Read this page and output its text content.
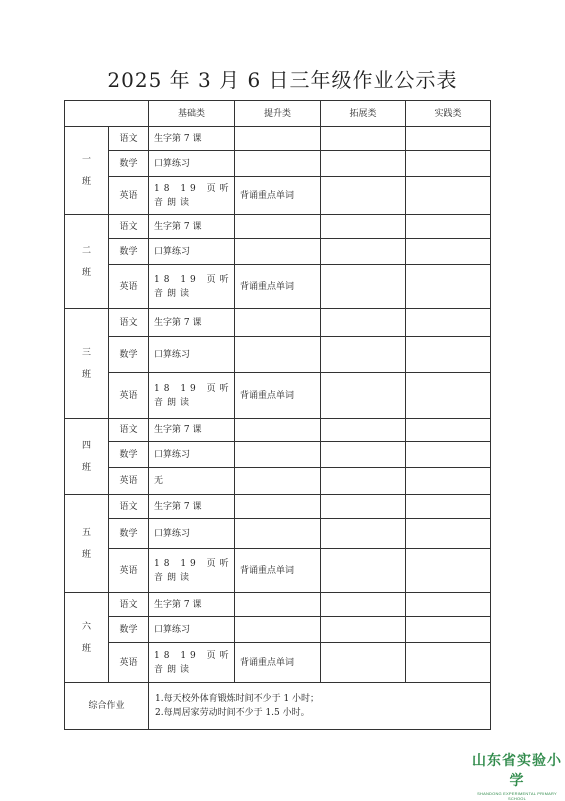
2025 年 3 月 6 日三年级作业公示表
		基础类	提升类	拓展类	实践类
一班	语文	生字第 7 课			
	数学	口算练习			
	英语	18 19 页听音朗读	背诵重点单词		
二班	语文	生字第 7 课			
	数学	口算练习			
	英语	18 19 页听音朗读	背诵重点单词		
三班	语文	生字第 7 课			
	数学	口算练习			
	英语	18 19 页听音朗读	背诵重点单词		
四班	语文	生字第 7 课			
	数学	口算练习			
	英语	无			
五班	语文	生字第 7 课			
	数学	口算练习			
	英语	18 19 页听音朗读	背诵重点单词		
六班	语文	生字第 7 课			
	数学	口算练习			
	英语	18 19 页听音朗读	背诵重点单词		
综合作业		1.每天校外体育锻炼时间不少于 1 小时；
2.每周居家劳动时间不少于 1.5 小时。			
山东省实验小学
SHANDONG EXPERIMENTAL PRIMARY SCHOOL
